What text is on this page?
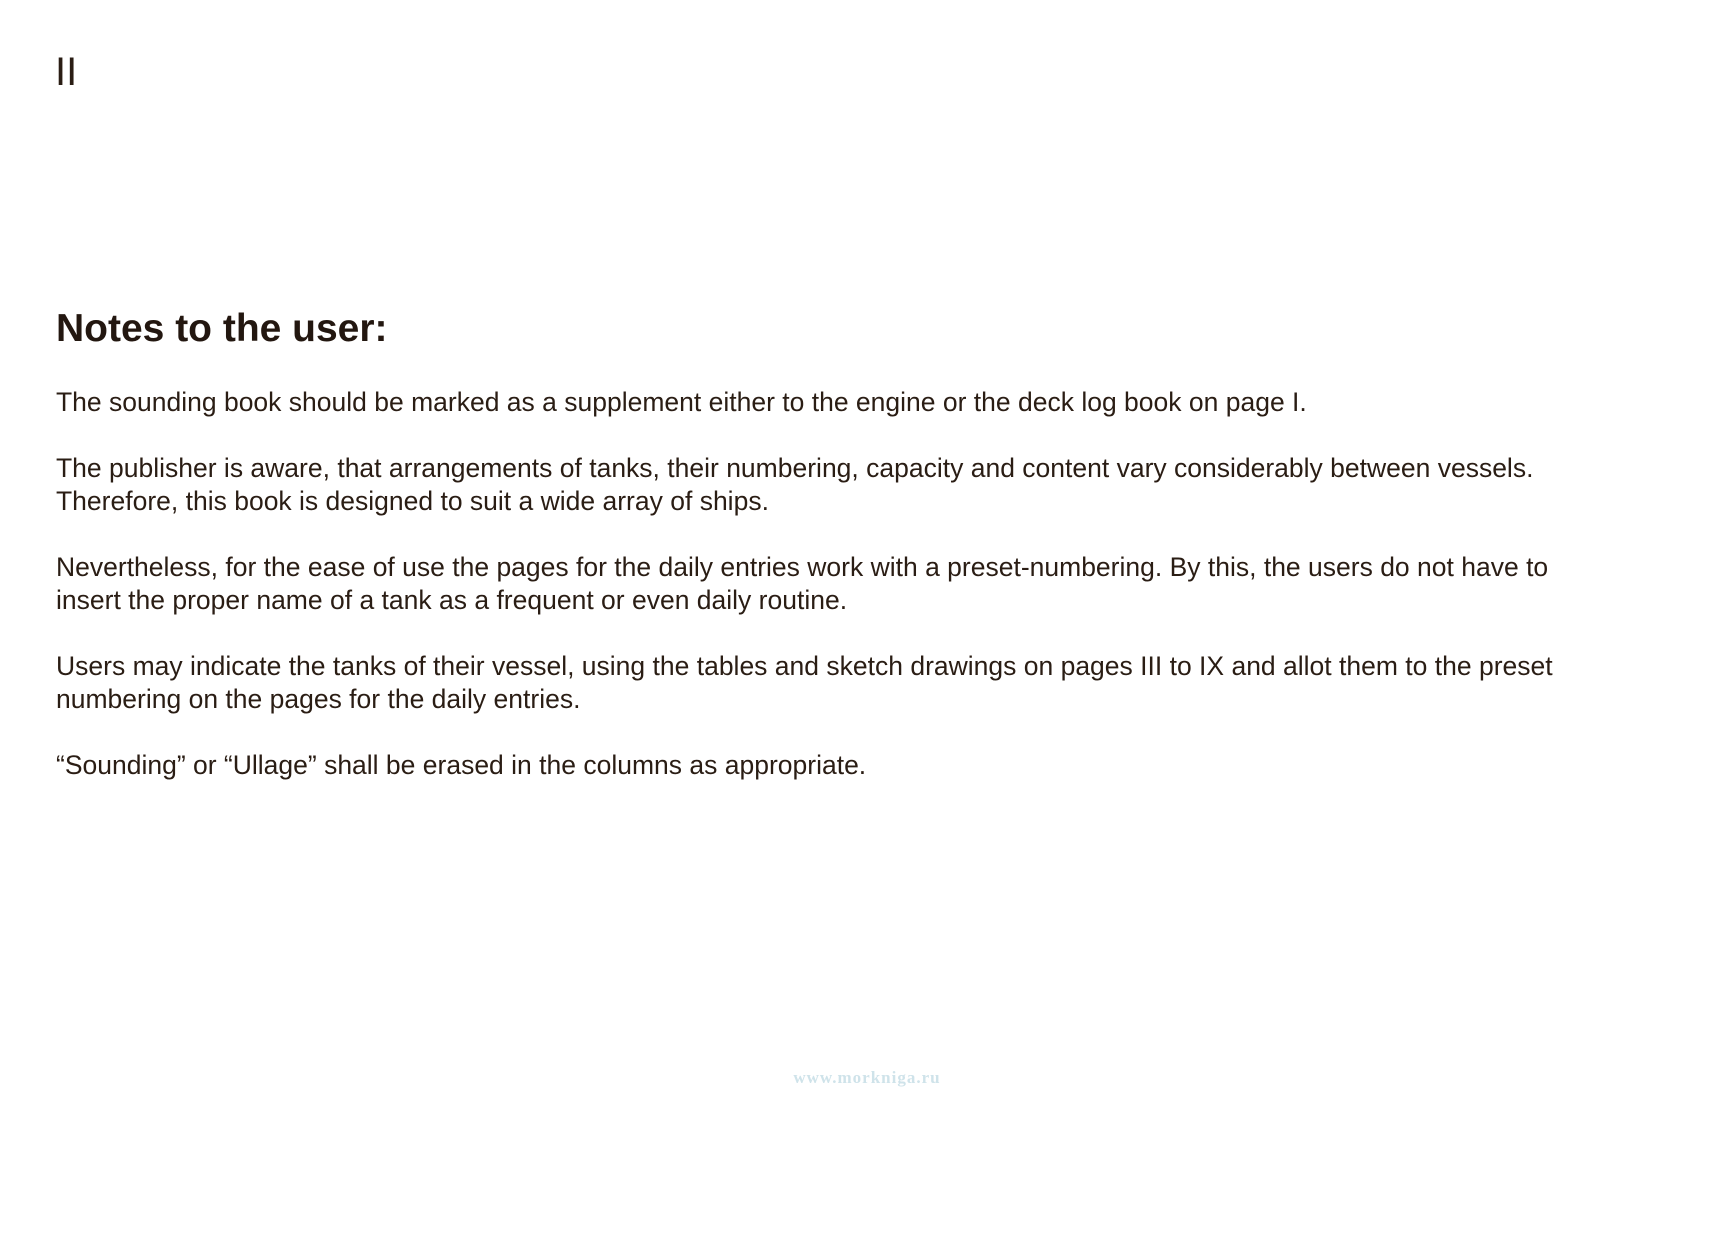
II
Notes to the user:

The sounding book should be marked as a supplement either to the engine or the deck log book on page I.

The publisher is aware, that arrangements of tanks, their numbering, capacity and content vary considerably between vessels.
Therefore, this book is designed to suit a wide array of ships.

Nevertheless, for the ease of use the pages for the daily entries work with a preset-numbering. By this, the users do not have to
insert the proper name of a tank as a frequent or even daily routine.

Users may indicate the tanks of their vessel, using the tables and sketch drawings on pages III to IX and allot them to the preset
numbering on the pages for the daily entries.

“Sounding” or “Ullage” shall be erased in the columns as appropriate.

www.morkniga.ru
